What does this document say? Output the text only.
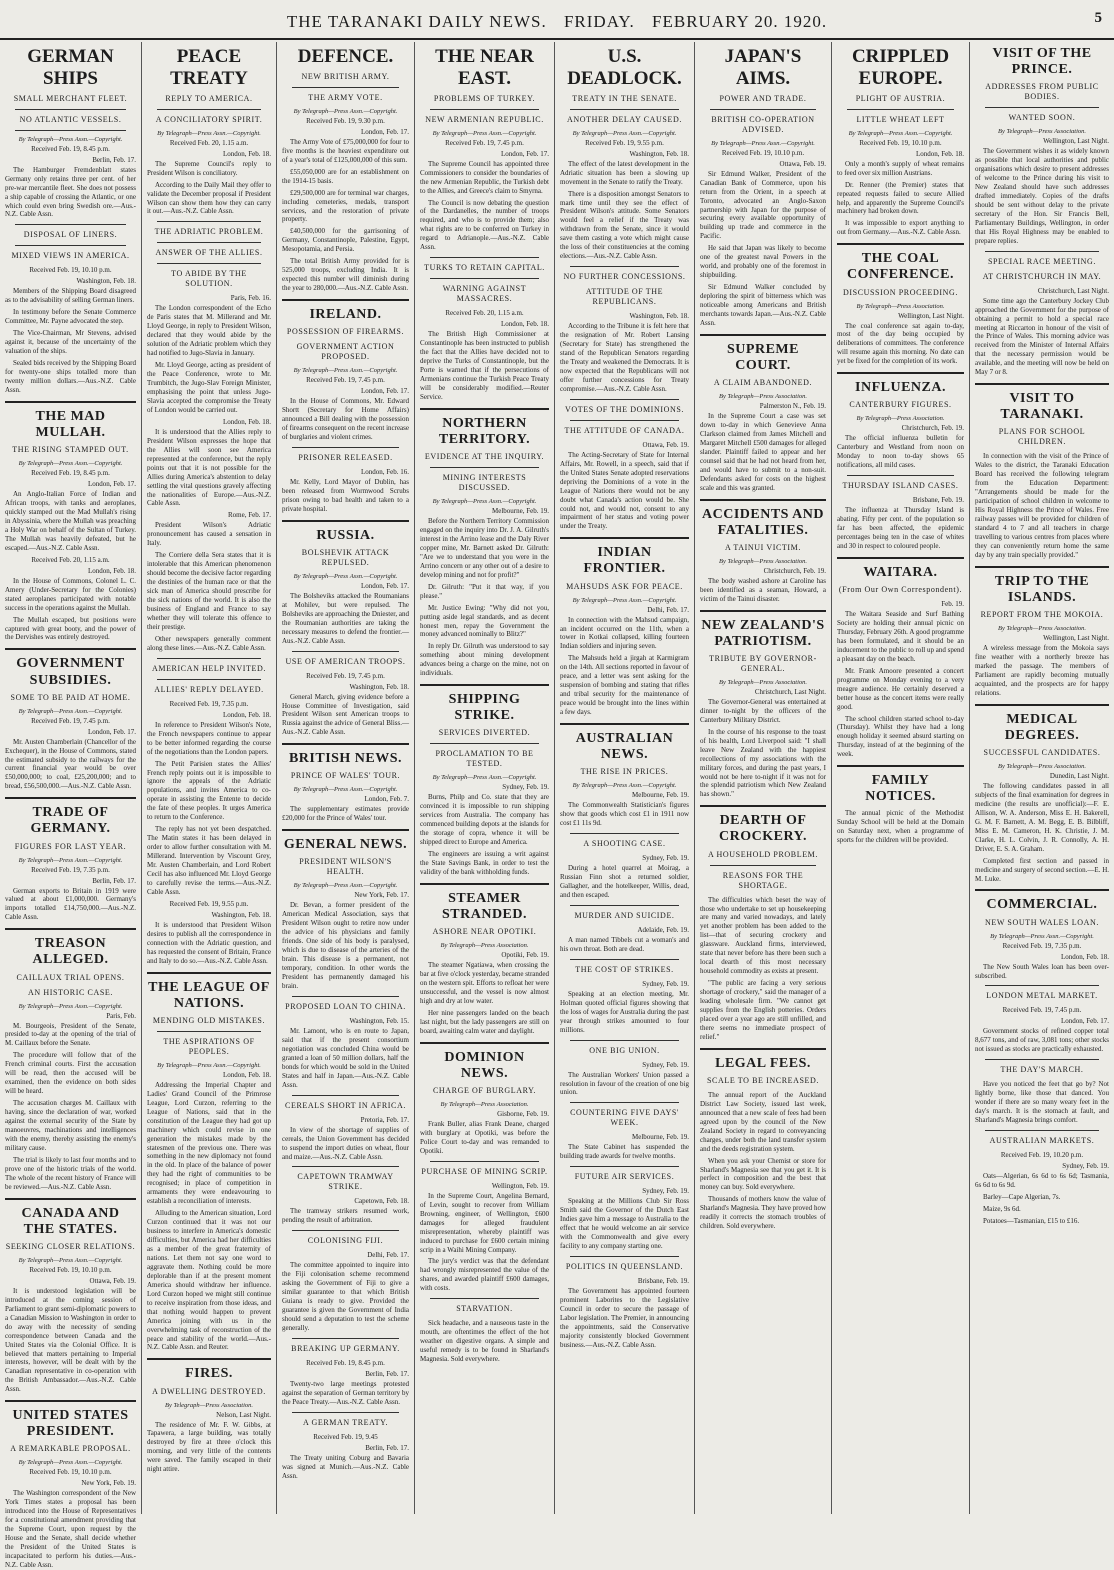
THE TARANAKI DAILY NEWS. FRIDAY. FEBRUARY 20. 1920.	5
GERMAN SHIPS
SMALL MERCHANT FLEET.
NO ATLANTIC VESSELS.
By Telegraph—Press Assn.—Copyright.
Received Feb. 19, 8.45 p.m.
Berlin, Feb. 17.

The Hamburger Fremdenblatt states Germany only retains three per cent. of her pre-war mercantile fleet. She does not possess a ship capable of crossing the Atlantic, or one which could even bring Swedish ore.—Aus.-N.Z. Cable Assn.

DISPOSAL OF LINERS.
MIXED VIEWS IN AMERICA.
Received Feb. 19, 10.10 p.m.
Washington, Feb. 18.

Members of the Shipping Board disagreed as to the advisability of selling German liners.

In testimony before the Senate Commerce Committee, Mr. Payne advocated the step.

The Vice-Chairman, Mr Stevens, advised against it, because of the uncertainty of the valuation of the ships.

Sealed bids received by the Shipping Board for twenty-one ships totalled more than twenty million dollars.—Aus.-N.Z. Cable Assn.

THE MAD MULLAH.
THE RISING STAMPED OUT.
By Telegraph—Press Assn.—Copyright.
Received Feb. 19, 8.45 p.m.
London, Feb. 17.

An Anglo-Italian Force of Indian and African troops, with tanks and aeroplanes, quickly stamped out the Mad Mullah's rising in Abyssinia, where the Mullah was preaching a Holy War on behalf of the Sultan of Turkey. The Mullah was heavily defeated, but he escaped.—Aus.-N.Z. Cable Assn.

Received Feb. 20, 1.15 a.m.
London, Feb. 18.

In the House of Commons, Colonel L. C. Amery (Under-Secretary for the Colonies) stated aeroplanes participated with notable success in the operations against the Mullah.

The Mullah escaped, but positions were captured with great booty, and the power of the Dervishes was entirely destroyed.

GOVERNMENT SUBSIDIES.
SOME TO BE PAID AT HOME.
By Telegraph—Press Assn.—Copyright.
Received Feb. 19, 7.45 p.m.
London, Feb. 17.

Mr. Austen Chamberlain (Chancellor of the Exchequer), in the House of Commons, stated the estimated subsidy to the railways for the current financial year would be over £50,000,000; to coal, £25,200,000; and to bread, £56,500,000.—Aus.-N.Z. Cable Assn.

TRADE OF GERMANY.
FIGURES FOR LAST YEAR.
By Telegraph—Press Assn.—Copyright.
Received Feb. 19, 7.35 p.m.
Berlin, Feb. 17.

German exports to Britain in 1919 were valued at about £1,000,000. Germany's imports totalled £14,750,000.—Aus.-N.Z. Cable Assn.

TREASON ALLEGED.
CAILLAUX TRIAL OPENS.
AN HISTORIC CASE.
By Telegraph—Press Assn.—Copyright.
Paris, Feb.

M. Bourgeois, President of the Senate, presided to-day at the opening of the trial of M. Caillaux before the Senate.

The procedure will follow that of the French criminal courts. First the accusation will be read, then the accused will be examined, then the evidence on both sides will be heard.

The accusation charges M. Caillaux with having, since the declaration of war, worked against the external security of the State by manoeuvres, machinations and intelligences with the enemy, thereby assisting the enemy's military cause.

The trial is likely to last four months and to prove one of the historic trials of the world. The whole of the recent history of France will be reviewed.—Aus.-N.Z. Cable Assn.

CANADA AND THE STATES.
SEEKING CLOSER RELATIONS.
By Telegraph—Press Assn.—Copyright.
Received Feb. 19, 10.10 p.m.
Ottawa, Feb. 19.

It is understood legislation will be introduced at the coming session of Parliament to grant semi-diplomatic powers to a Canadian Mission to Washington in order to do away with the necessity of sending correspondence between Canada and the United States via the Colonial Office. It is believed that matters pertaining to Imperial interests, however, will be dealt with by the Canadian representative in co-operation with the British Ambassador.—Aus.-N.Z. Cable Assn.

UNITED STATES PRESIDENT.
A REMARKABLE PROPOSAL.
By Telegraph—Press Assn.—Copyright.
Received Feb. 19, 10.10 p.m.
New York, Feb. 19.

The Washington correspondent of the New York Times states a proposal has been introduced into the House of Representatives for a constitutional amendment providing that the Supreme Court, upon request by the House and the Senate, shall decide whether the President of the United States is incapacitated to perform his duties.—Aus.-N.Z. Cable Assn.

PEACE TREATY
REPLY TO AMERICA.
A CONCILIATORY SPIRIT.
By Telegraph—Press Assn.—Copyright.
Received Feb. 20, 1.15 a.m.
London, Feb. 18.

The Supreme Council's reply to President Wilson is conciliatory.

According to the Daily Mail they offer to validate the December proposal if President Wilson can show them how they can carry it out.—Aus.-N.Z. Cable Assn.

THE ADRIATIC PROBLEM.
ANSWER OF THE ALLIES.
TO ABIDE BY THE SOLUTION.
Paris, Feb. 16.

The London correspondent of the Echo de Paris states that M. Millerand and Mr. Lloyd George, in reply to President Wilson, declared that they would abide by the solution of the Adriatic problem which they had notified to Jugo-Slavia in January.

Mr. Lloyd George, acting as president of the Peace Conference, wrote to Mr. Trumbitch, the Jugo-Slav Foreign Minister, emphasising the point that unless Jugo-Slavia accepted the compromise the Treaty of London would be carried out.

London, Feb. 18.

It is understood that the Allies reply to President Wilson expresses the hope that the Allies will soon see America represented at the conference, but the reply points out that it is not possible for the Allies during America's abstention to delay settling the vital questions gravely affecting the nationalities of Europe.—Aus.-N.Z. Cable Assn.

Rome, Feb. 17.

President Wilson's Adriatic pronouncement has caused a sensation in Italy.

The Corriere della Sera states that it is intolerable that this American phenomenon should become the decisive factor regarding the destinies of the human race or that the sick man of America should prescribe for the sick nations of the world. It is also the business of England and France to say whether they will tolerate this offence to their prestige.

Other newspapers generally comment along these lines.—Aus.-N.Z. Cable Assn.

AMERICAN HELP INVITED.
ALLIES' REPLY DELAYED.
Received Feb. 19, 7.35 p.m.
London, Feb. 18.

In reference to President Wilson's Note, the French newspapers continue to appear to be better informed regarding the course of the negotiations than the London papers.

The Petit Parisien states the Allies' French reply points out it is impossible to ignore the appeals of the Adriatic populations, and invites America to co-operate in assisting the Entente to decide the fate of these peoples. It urges America to return to the Conference.

The reply has not yet been despatched. The Matin states it has been delayed in order to allow further consultation with M. Millerand. Intervention by Viscount Grey, Mr. Austen Chamberlain, and Lord Robert Cecil has also influenced Mr. Lloyd George to carefully revise the terms.—Aus.-N.Z. Cable Assn.

Received Feb. 19, 9.55 p.m.
Washington, Feb. 18.

It is understood that President Wilson desires to publish all the correspondence in connection with the Adriatic question, and has requested the consent of Britain, France and Italy to do so.—Aus.-N.Z. Cable Assn.

THE LEAGUE OF NATIONS.
MENDING OLD MISTAKES.
THE ASPIRATIONS OF PEOPLES.
By Telegraph—Press Assn.—Copyright.
London, Feb. 18.

Addressing the Imperial Chapter and Ladies' Grand Council of the Primrose League, Lord Curzon, referring to the League of Nations, said that in the constitution of the League they had got up machinery which could revise in one generation the mistakes made by the statesmen of the previous one. There was something in the new diplomacy not found in the old. In place of the balance of power they had the right of communities to be recognised; in place of competition in armaments they were endeavouring to establish a reconciliation of interests.

Alluding to the American situation, Lord Curzon continued that it was not our business to interfere in America's domestic difficulties, but America had her difficulties as a member of the great fraternity of nations. Let them not say one word to aggravate them. Nothing could be more deplorable than if at the present moment America should withdraw her influence. Lord Curzon hoped we might still continue to receive inspiration from those ideas, and that nothing would happen to prevent America joining with us in the overwhelming task of reconstruction of the peace and stability of the world.—Aus.-N.Z. Cable Assn. and Reuter.

FIRES.
A DWELLING DESTROYED.
By Telegraph—Press Association.
Nelson, Last Night.

The residence of Mr. F. W. Gibbs, at Tapawera, a large building, was totally destroyed by fire at three o'clock this morning, and very little of the contents were saved. The family escaped in their night attire.

DEFENCE.
NEW BRITISH ARMY.
THE ARMY VOTE.
By Telegraph—Press Assn.—Copyright.
Received Feb. 19, 9.30 p.m.
London, Feb. 17.

The Army Vote of £75,000,000 for four to five months is the heaviest expenditure out of a year's total of £125,000,000 of this sum.

£55,050,000 are for an establishment on the 1914-15 basis.

£29,500,000 are for terminal war charges, including cemeteries, medals, transport services, and the restoration of private property.

£40,500,000 for the garrisoning of Germany, Constantinople, Palestine, Egypt, Mesopotamia, and Persia.

The total British Army provided for is 525,000 troops, excluding India. It is expected this number will diminish during the year to 280,000.—Aus.-N.Z. Cable Assn.

IRELAND.
POSSESSION OF FIREARMS.
GOVERNMENT ACTION PROPOSED.
By Telegraph—Press Assn.—Copyright.
Received Feb. 19, 7.45 p.m.
London, Feb. 17.

In the House of Commons, Mr. Edward Shortt (Secretary for Home Affairs) announced a Bill dealing with the possession of firearms consequent on the recent increase of burglaries and violent crimes.

PRISONER RELEASED.
London, Feb. 16.

Mr. Kelly, Lord Mayor of Dublin, has been released from Wormwood Scrubs prison owing to bad health and taken to a private hospital.

RUSSIA.
BOLSHEVIK ATTACK REPULSED.
By Telegraph—Press Assn.—Copyright.
London, Feb. 17.

The Bolsheviks attacked the Roumanians at Mohilev, but were repulsed. The Bolsheviks are approaching the Dniester, and the Roumanian authorities are taking the necessary measures to defend the frontier.—Aus.-N.Z. Cable Assn.

USE OF AMERICAN TROOPS.
Received Feb. 19, 7.45 p.m.
Washington, Feb. 18.

General March, giving evidence before a House Committee of Investigation, said President Wilson sent American troops to Russia against the advice of General Bliss.—Aus.-N.Z. Cable Assn.

BRITISH NEWS.
PRINCE OF WALES' TOUR.
By Telegraph—Press Assn.—Copyright.
London, Feb. 7.

The supplementary estimates provide £20,000 for the Prince of Wales' tour.

GENERAL NEWS.
PRESIDENT WILSON'S HEALTH.
By Telegraph—Press Assn.—Copyright.
New York, Feb. 17.

Dr. Bevan, a former president of the American Medical Association, says that President Wilson ought to retire now under the advice of his physicians and family friends. One side of his body is paralysed, which is due to disease of the arteries of the brain. This disease is a permanent, not temporary, condition. In other words the President has permanently damaged his brain.

PROPOSED LOAN TO CHINA.
Washington, Feb. 15.

Mr. Lamont, who is en route to Japan, said that if the present consortium negotiation was concluded China would be granted a loan of 50 million dollars, half the bonds for which would be sold in the United States and half in Japan.—Aus.-N.Z. Cable Assn.

CEREALS SHORT IN AFRICA.
Pretoria, Feb. 17.

In view of the shortage of supplies of cereals, the Union Government has decided to suspend the import duties on wheat, flour and maize.—Aus.-N.Z. Cable Assn.

CAPETOWN TRAMWAY STRIKE.
Capetown, Feb. 18.

The tramway strikers resumed work, pending the result of arbitration.

COLONISING FIJI.
Delhi, Feb. 17.

The committee appointed to inquire into the Fiji colonisation scheme recommend asking the Government of Fiji to give a similar guarantee to that which British Guiana is ready to give. Provided the guarantee is given the Government of India should send a deputation to test the scheme generally.

BREAKING UP GERMANY.
Received Feb. 19, 8.45 p.m.
Berlin, Feb. 17.

Twenty-two large meetings protested against the separation of German territory by the Peace Treaty.—Aus.-N.Z. Cable Assn.

A GERMAN TREATY.
Received Feb. 19, 9.45
Berlin, Feb. 17.

The Treaty uniting Coburg and Bavaria was signed at Munich.—Aus.-N.Z. Cable Assn.

THE NEAR EAST.
PROBLEMS OF TURKEY.
NEW ARMENIAN REPUBLIC.
By Telegraph—Press Assn.—Copyright.
Received Feb. 19, 7.45 p.m.
London, Feb. 17.

The Supreme Council has appointed three Commissioners to consider the boundaries of the new Armenian Republic, the Turkish debt to the Allies, and Greece's claim to Smyrna.

The Council is now debating the question of the Dardanelles, the number of troops required, and who is to provide them; also what rights are to be conferred on Turkey in regard to Adrianople.—Aus.-N.Z. Cable Assn.

TURKS TO RETAIN CAPITAL.
WARNING AGAINST MASSACRES.
Received Feb. 20, 1.15 a.m.
London, Feb. 18.

The British High Commissioner at Constantinople has been instructed to publish the fact that the Allies have decided not to deprive the Turks of Constantinople, but the Porte is warned that if the persecutions of Armenians continue the Turkish Peace Treaty will be considerably modified.—Reuter Service.

NORTHERN TERRITORY.
EVIDENCE AT THE INQUIRY.
MINING INTERESTS DISCUSSED.
By Telegraph—Press Assn.—Copyright.
Melbourne, Feb. 19.

Before the Northern Territory Commission engaged on the inquiry into Dr. J. A. Gilruth's interest in the Arrino lease and the Daly River copper mine, Mr. Barnett asked Dr. Gilruth: "Are we to understand that you were in the Arrino concern or any other out of a desire to develop mining and not for profit?"

Dr. Gilruth: "Put it that way, if you please."

Mr. Justice Ewing: "Why did not you, putting aside legal standards, and as decent honest men, repay the Government the money advanced nominally to Blitz?"

In reply Dr. Gilruth was understood to say something about mining development advances being a charge on the mine, not on individuals.

SHIPPING STRIKE.
SERVICES DIVERTED.
PROCLAMATION TO BE TESTED.
By Telegraph—Press Assn.—Copyright.
Sydney, Feb. 19.

Burns, Philp and Co. state that they are convinced it is impossible to run shipping services from Australia. The company has commenced building depots at the islands for the storage of copra, whence it will be shipped direct to Europe and America.

The engineers are issuing a writ against the State Savings Bank, in order to test the validity of the bank withholding funds.

STEAMER STRANDED.
ASHORE NEAR OPOTIKI.
By Telegraph—Press Association.
Opotiki, Feb. 19.

The steamer Ngatiawa, when crossing the bar at five o'clock yesterday, became stranded on the western spit. Efforts to refloat her were unsuccessful, and the vessel is now almost high and dry at low water.

Her nine passengers landed on the beach last night, but the lady passengers are still on board, awaiting calm water and daylight.

DOMINION NEWS.
CHARGE OF BURGLARY.
By Telegraph—Press Association.
Gisborne, Feb. 19.

Frank Buller, alias Frank Deane, charged with burglary at Opotiki, was before the Police Court to-day and was remanded to Opotiki.

PURCHASE OF MINING SCRIP.
Wellington, Feb. 19.

In the Supreme Court, Angelina Bernard, of Levin, sought to recover from William Browning, engineer, of Wellington, £600 damages for alleged fraudulent misrepresentation, whereby plaintiff was induced to purchase for £600 certain mining scrip in a Waihi Mining Company.

The jury's verdict was that the defendant had wrongly misrepresented the value of the shares, and awarded plaintiff £600 damages, with costs.

STARVATION.

Sick headache, and a nauseous taste in the mouth, are oftentimes the effect of the hot weather on digestive organs. A simple and useful remedy is to be found in Sharland's Magnesia. Sold everywhere.

U.S. DEADLOCK.
TREATY IN THE SENATE.
ANOTHER DELAY CAUSED.
By Telegraph—Press Assn.—Copyright.
Received Feb. 19, 9.55 p.m.
Washington, Feb. 18.

The effect of the latest development in the Adriatic situation has been a slowing up movement in the Senate to ratify the Treaty.

There is a disposition amongst Senators to mark time until they see the effect of President Wilson's attitude. Some Senators would feel a relief if the Treaty was withdrawn from the Senate, since it would save them casting a vote which might cause the loss of their constituencies at the coming elections.—Aus.-N.Z. Cable Assn.

NO FURTHER CONCESSIONS.
ATTITUDE OF THE REPUBLICANS.
Washington, Feb. 18.

According to the Tribune it is felt here that the resignation of Mr. Robert Lansing (Secretary for State) has strengthened the stand of the Republican Senators regarding the Treaty and weakened the Democrats. It is now expected that the Republicans will not offer further concessions for Treaty compromise.—Aus.-N.Z. Cable Assn.

VOTES OF THE DOMINIONS.
THE ATTITUDE OF CANADA.
Ottawa, Feb. 19.

The Acting-Secretary of State for Internal Affairs, Mr. Rowell, in a speech, said that if the United States Senate adopted reservations depriving the Dominions of a vote in the League of Nations there would not be any doubt what Canada's action would be. She could not, and would not, consent to any impairment of her status and voting power under the Treaty.

INDIAN FRONTIER.
MAHSUDS ASK FOR PEACE.
By Telegraph—Press Assn.—Copyright.
Delhi, Feb. 17.

In connection with the Mahsud campaign, an incident occurred on the 11th, when a tower in Kotkai collapsed, killing fourteen Indian soldiers and injuring seven.

The Mahsuds held a jirgah at Karmigram on the 14th. All sections reported in favour of peace, and a letter was sent asking for the suspension of bombing and stating that rifles and tribal security for the maintenance of peace would be brought into the lines within a few days.

AUSTRALIAN NEWS.
THE RISE IN PRICES.
By Telegraph—Press Assn.—Copyright.
Melbourne, Feb. 19.

The Commonwealth Statistician's figures show that goods which cost £1 in 1911 now cost £1 11s 9d.

A SHOOTING CASE.
Sydney, Feb. 19.

During a hotel quarrel at Moirag, a Russian Finn shot a returned soldier, Gallagher, and the hotelkeeper, Willis, dead, and then escaped.

MURDER AND SUICIDE.
Adelaide, Feb. 19.

A man named Tibbels cut a woman's and his own throat. Both are dead.

THE COST OF STRIKES.
Sydney, Feb. 19.

Speaking at an election meeting, Mr. Holman quoted official figures showing that the loss of wages for Australia during the past year through strikes amounted to four millions.

ONE BIG UNION.
Sydney, Feb. 19.

The Australian Workers' Union passed a resolution in favour of the creation of one big union.

COUNTERING FIVE DAYS' WEEK.
Melbourne, Feb. 19.

The State Cabinet has suspended the building trade awards for twelve months.

FUTURE AIR SERVICES.
Sydney, Feb. 19.

Speaking at the Millions Club Sir Ross Smith said the Governor of the Dutch East Indies gave him a message to Australia to the effect that he would welcome an air service with the Commonwealth and give every facility to any company starting one.

POLITICS IN QUEENSLAND.
Brisbane, Feb. 19.

The Government has appointed fourteen prominent Laborites to the Legislative Council in order to secure the passage of Labor legislation. The Premier, in announcing the appointments, said the Conservative majority consistently blocked Government business.—Aus.-N.Z. Cable Assn.

JAPAN'S AIMS.
POWER AND TRADE.
BRITISH CO-OPERATION ADVISED.
By Telegraph—Press Assn.—Copyright.
Received Feb. 19, 10.10 p.m.
Ottawa, Feb. 19.

Sir Edmund Walker, President of the Canadian Bank of Commerce, upon his return from the Orient, in a speech at Toronto, advocated an Anglo-Saxon partnership with Japan for the purpose of securing every available opportunity of building up trade and commerce in the Pacific.

He said that Japan was likely to become one of the greatest naval Powers in the world, and probably one of the foremost in shipbuilding.

Sir Edmund Walker concluded by deploring the spirit of bitterness which was noticeable among Americans and British merchants towards Japan.—Aus.-N.Z. Cable Assn.

SUPREME COURT.
A CLAIM ABANDONED.
By Telegraph—Press Association.
Palmerston N., Feb. 19.

In the Supreme Court a case was set down to-day in which Genevieve Anna Clarkson claimed from James Mitchell and Margaret Mitchell £500 damages for alleged slander. Plaintiff failed to appear and her counsel said that he had not heard from her, and would have to submit to a non-suit. Defendants asked for costs on the highest scale and this was granted.

ACCIDENTS AND FATALITIES.
A TAINUI VICTIM.
By Telegraph—Press Association.
Christchurch, Feb. 19.

The body washed ashore at Caroline has been identified as a seaman, Howard, a victim of the Tainui disaster.

NEW ZEALAND'S PATRIOTISM.
TRIBUTE BY GOVERNOR-GENERAL.
By Telegraph—Press Association.
Christchurch, Last Night.

The Governor-General was entertained at dinner to-night by the officers of the Canterbury Military District.

In the course of his response to the toast of his health, Lord Liverpool said: "I shall leave New Zealand with the happiest recollections of my associations with the military forces, and during the past years, I would not be here to-night if it was not for the splendid patriotism which New Zealand has shown."

DEARTH OF CROCKERY.
A HOUSEHOLD PROBLEM.
REASONS FOR THE SHORTAGE.

The difficulties which beset the way of those who undertake to set up housekeeping are many and varied nowadays, and lately yet another problem has been added to the list—that of securing crockery and glassware. Auckland firms, interviewed, state that never before has there been such a local dearth of this most necessary household commodity as exists at present.

"The public are facing a very serious shortage of crockery," said the manager of a leading wholesale firm. "We cannot get supplies from the English potteries. Orders placed over a year ago are still unfilled, and there seems no immediate prospect of relief."

LEGAL FEES.
SCALE TO BE INCREASED.

The annual report of the Auckland District Law Society, issued last week, announced that a new scale of fees had been agreed upon by the council of the New Zealand Society in regard to conveyancing charges, under both the land transfer system and the deeds registration system.

When you ask your Chemist or store for Sharland's Magnesia see that you get it. It is perfect in composition and the best that money can buy. Sold everywhere.

Thousands of mothers know the value of Sharland's Magnesia. They have proved how readily it corrects the stomach troubles of children. Sold everywhere.

CRIPPLED EUROPE.
PLIGHT OF AUSTRIA.
LITTLE WHEAT LEFT
By Telegraph—Press Assn.—Copyright.
Received Feb. 19, 10.10 p.m.
London, Feb. 18.

Only a month's supply of wheat remains to feed over six million Austrians.

Dr. Renner (the Premier) states that repeated requests failed to secure Allied help, and apparently the Supreme Council's machinery had broken down.

It was impossible to export anything to out from Germany.—Aus.-N.Z. Cable Assn.

THE COAL CONFERENCE.
DISCUSSION PROCEEDING.
By Telegraph—Press Association.
Wellington, Last Night.

The coal conference sat again to-day, most of the day being occupied by deliberations of committees. The conference will resume again this morning. No date can yet be fixed for the completion of its work.

INFLUENZA.
CANTERBURY FIGURES.
By Telegraph—Press Association.
Christchurch, Feb. 19.

The official influenza bulletin for Canterbury and Westland from noon on Monday to noon to-day shows 65 notifications, all mild cases.

THURSDAY ISLAND CASES.
Brisbane, Feb. 19.

The influenza at Thursday Island is abating. Fifty per cent. of the population so far has been affected, the epidemic percentages being ten in the case of whites and 30 in respect to coloured people.

WAITARA.
(From Our Own Correspondent).
Feb. 19.

The Waitara Seaside and Surf Bathing Society are holding their annual picnic on Thursday, February 26th. A good programme has been formulated, and it should be an inducement to the public to roll up and spend a pleasant day on the beach.

Mr. Frank Amoore presented a concert programme on Monday evening to a very meagre audience. He certainly deserved a better house as the concert items were really good.

The school children started school to-day (Thursday). Whilst they have had a long enough holiday it seemed absurd starting on Thursday, instead of at the beginning of the week.

FAMILY NOTICES.

The annual picnic of the Methodist Sunday School will be held at the Domain on Saturday next, when a programme of sports for the children will be provided.

VISIT OF THE PRINCE.
ADDRESSES FROM PUBLIC BODIES.
WANTED SOON.
By Telegraph—Press Association.
Wellington, Last Night.

The Government wishes it as widely known as possible that local authorities and public organisations which desire to present addresses of welcome to the Prince during his visit to New Zealand should have such addresses drafted immediately. Copies of the drafts should be sent without delay to the private secretary of the Hon. Sir Francis Bell, Parliamentary Buildings, Wellington, in order that His Royal Highness may be enabled to prepare replies.

SPECIAL RACE MEETING.
AT CHRISTCHURCH IN MAY.
Christchurch, Last Night.

Some time ago the Canterbury Jockey Club approached the Government for the purpose of obtaining a permit to hold a special race meeting at Riccarton in honour of the visit of the Prince of Wales. This morning advice was received from the Minister of Internal Affairs that the necessary permission would be available, and the meeting will now be held on May 7 or 8.

VISIT TO TARANAKI.
PLANS FOR SCHOOL CHILDREN.

In connection with the visit of the Prince of Wales to the district, the Taranaki Education Board has received the following telegram from the Education Department: "Arrangements should be made for the participation of school children in welcome to His Royal Highness the Prince of Wales. Free railway passes will be provided for children of standard 4 to 7 and all teachers in charge travelling to various centres from places where they can conveniently return home the same day by any train specially provided."

TRIP TO THE ISLANDS.
REPORT FROM THE MOKOIA.
By Telegraph—Press Association.
Wellington, Last Night.

A wireless message from the Mokoia says fine weather with a northerly breeze has marked the passage. The members of Parliament are rapidly becoming mutually acquainted, and the prospects are for happy relations.

MEDICAL DEGREES.
SUCCESSFUL CANDIDATES.
By Telegraph—Press Association.
Dunedin, Last Night.

The following candidates passed in all subjects of the final examination for degrees in medicine (the results are unofficial):—F. E. Allison, W. A. Anderson, Miss E. H. Bakerell, G. M. F. Barnett, A. M. Begg, E. B. Bilbliff, Miss E. M. Cameron, H. K. Christie, J. M. Clarke, H. L. Colvin, J. R. Connolly, A. H. Driver, E. S. A. Graham.

Completed first section and passed in medicine and surgery of second section.—E. H. M. Luke.

COMMERCIAL.
NEW SOUTH WALES LOAN.
By Telegraph—Press Assn.—Copyright.
Received Feb. 19, 7.35 p.m.
London, Feb. 18.

The New South Wales loan has been over-subscribed.

LONDON METAL MARKET.
Received Feb. 19, 7.45 p.m.
London, Feb. 17.

Government stocks of refined copper total 8,677 tons, and of raw, 3,081 tons; other stocks not issued as stocks are practically exhausted.

THE DAY'S MARCH.

Have you noticed the feet that go by? Not lightly borne, like those that danced. You wonder if there are so many weary feet in the day's march. It is the stomach at fault, and Sharland's Magnesia brings comfort.

AUSTRALIAN MARKETS.
Received Feb. 19, 10.20 p.m.
Sydney, Feb. 19.

Oats—Algerian, 6s 6d to 6s 6d; Tasmania, 6s 6d to 6s 9d.

Barley—Cape Algerian, 7s.

Maize, 9s 6d.

Potatoes—Tasmanian, £15 to £16.
